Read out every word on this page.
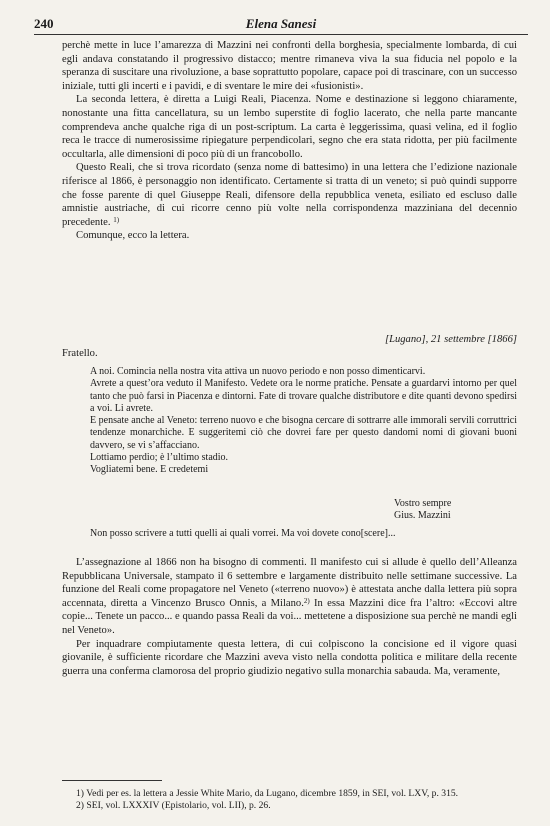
240	Elena Sanesi

perchè mette in luce l’amarezza di Mazzini nei confronti della borghesia, specialmente lombarda, di cui egli andava constatando il progressivo distacco; mentre rimaneva viva la sua fiducia nel popolo e la speranza di suscitare una rivoluzione, a base soprattutto popolare, capace poi di trascinare, con un successo iniziale, tutti gli incerti e i pavidi, e di sventare le mire dei «fusionisti».

La seconda lettera, è diretta a Luigi Reali, Piacenza. Nome e destinazione si leggono chiaramente, nonostante una fitta cancellatura, su un lembo superstite di foglio lacerato, che nella parte mancante comprendeva anche qualche riga di un post-scriptum. La carta è leggerissima, quasi velina, ed il foglio reca le tracce di numerosissime ripiegature perpendicolari, segno che era stata ridotta, per più facilmente occultarla, alle dimensioni di poco più di un francobollo.

Questo Reali, che si trova ricordato (senza nome di battesimo) in una lettera che l’edizione nazionale riferisce al 1866, è personaggio non identificato. Certamente si tratta di un veneto; si può quindi supporre che fosse parente di quel Giuseppe Reali, difensore della repubblica veneta, esiliato ed escluso dalle amnistie austriache, di cui ricorre cenno più volte nella corrispondenza mazziniana del decennio precedente. $^{1)}$

Comunque, ecco la lettera.

[Lugano], 21 settembre [1866]
Fratello.

A noi. Comincia nella nostra vita attiva un nuovo periodo e non posso dimenticarvi.

Avrete a quest’ora veduto il Manifesto. Vedete ora le norme pratiche. Pensate a guardarvi intorno per quel tanto che può farsi in Piacenza e dintorni. Fate di trovare qualche distributore e dite quanti devono spedirsi a voi. Li avrete.

E pensate anche al Veneto: terreno nuovo e che bisogna cercare di sottrarre alle immorali servili corruttrici tendenze monarchiche. E suggeritemi ciò che dovrei fare per questo dandomi nomi di giovani buoni davvero, se vi s’affacciano.

Lottiamo perdio; è l’ultimo stadio.

Vogliatemi bene. E credetemi

Vostro sempre
Gius. Mazzini
Non posso scrivere a tutti quelli ai quali vorrei. Ma voi dovete cono[scere]...

L’assegnazione al 1866 non ha bisogno di commenti. Il manifesto cui si allude è quello dell’Alleanza Repubblicana Universale, stampato il 6 settembre e largamente distribuito nelle settimane successive. La funzione del Reali come propagatore nel Veneto («terreno nuovo») è attestata anche dalla lettera più sopra accennata, diretta a Vincenzo Brusco Onnis, a Milano.$^{2)}$ In essa Mazzini dice fra l’altro: «Eccovi altre copie... Tenete un pacco... e quando passa Reali da voi... mettetene a disposizione sua perchè ne mandi egli nel Veneto».

Per inquadrare compiutamente questa lettera, di cui colpiscono la concisione ed il vigore quasi giovanile, è sufficiente ricordare che Mazzini aveva visto nella condotta politica e militare della recente guerra una conferma clamorosa del proprio giudizio negativo sulla monarchia sabauda. Ma, veramente,

1) Vedi per es. la lettera a Jessie White Mario, da Lugano, dicembre 1859, in SEI, vol. LXV, p. 315.

2) SEI, vol. LXXXIV (Epistolario, vol. LII), p. 26.
